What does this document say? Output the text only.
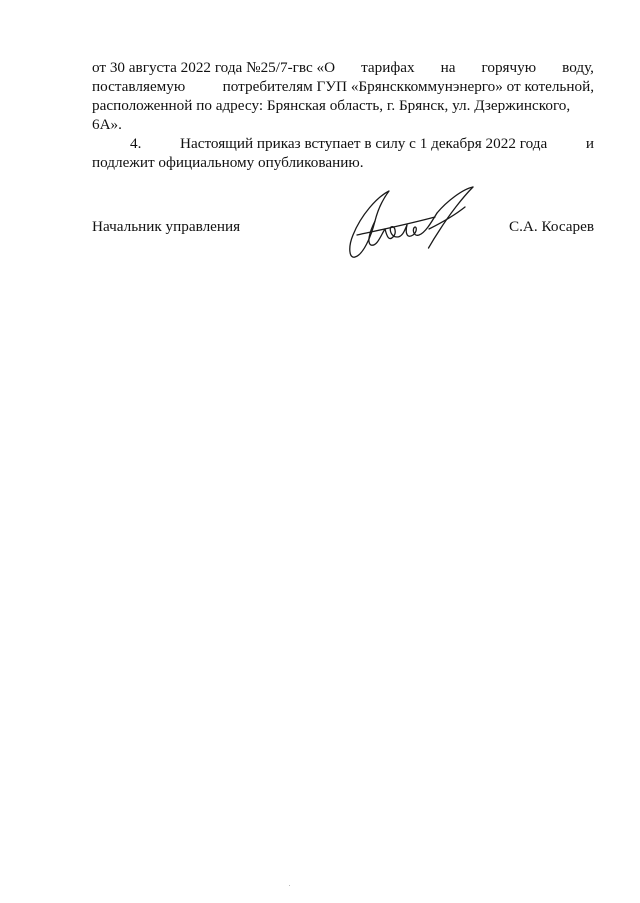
от 30 августа 2022 года №25/7-гвс «О тарифах на горячую воду,
поставляемую потребителям ГУП «Брянсккоммунэнерго» от котельной,
расположенной по адресу: Брянская область, г. Брянск, ул. Дзержинского,
6А».
4.	Настоящий приказ вступает в силу с 1 декабря 2022 года	и
подлежит официальному опубликованию.
Начальник управления	С.А. Косарев
